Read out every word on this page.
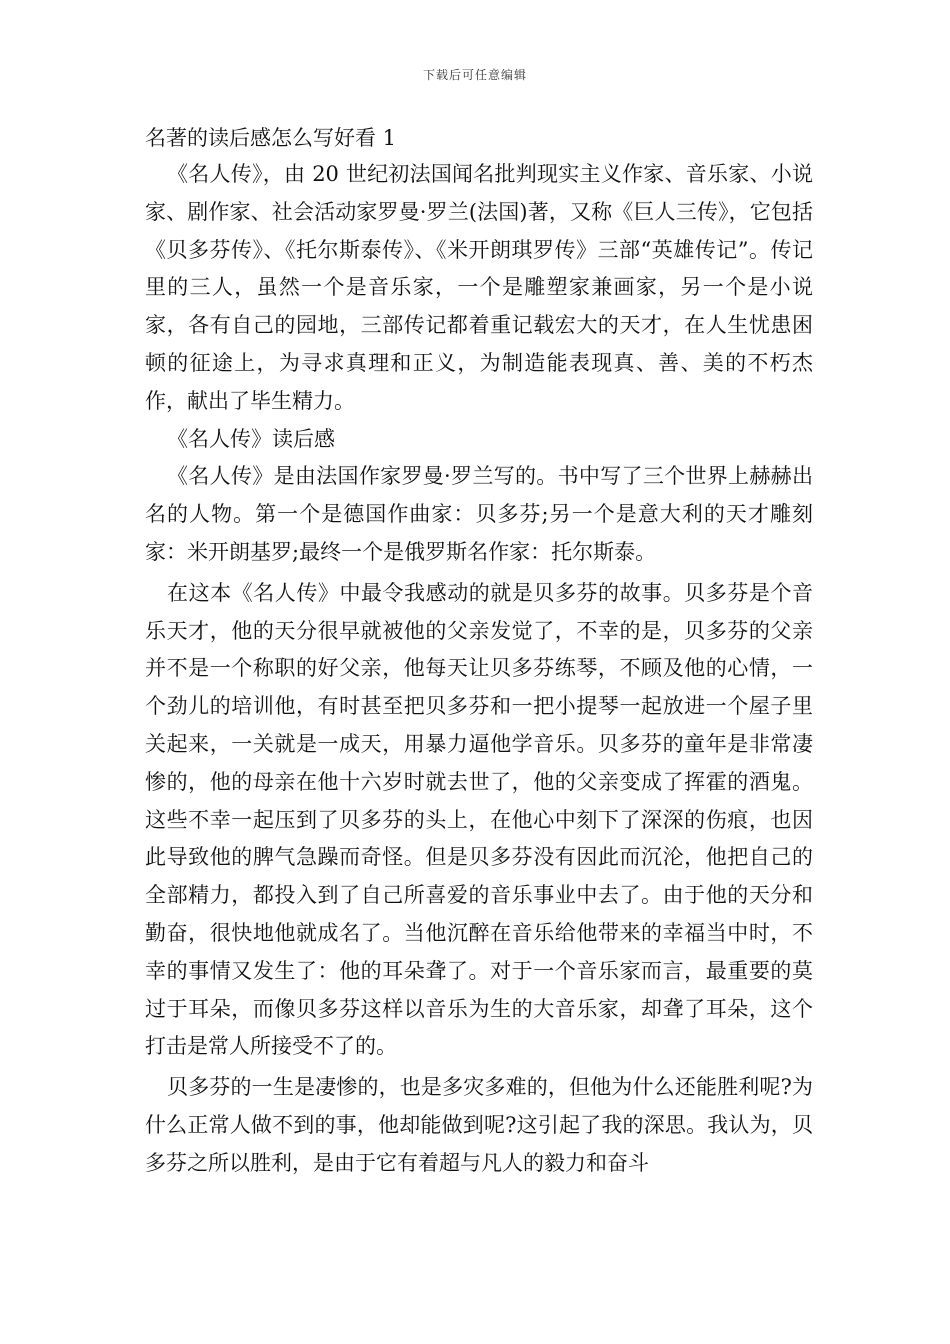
下载后可任意编辑

名著的读后感怎么写好看 1

《名人传》，由 20 世纪初法国闻名批判现实主义作家、音乐家、小说家、剧作家、社会活动家罗曼·罗兰(法国)著，又称《巨人三传》，它包括《贝多芬传》、《托尔斯泰传》、《米开朗琪罗传》三部“英雄传记”。传记里的三人，虽然一个是音乐家，一个是雕塑家兼画家，另一个是小说家，各有自己的园地，三部传记都着重记载宏大的天才，在人生忧患困顿的征途上，为寻求真理和正义，为制造能表现真、善、美的不朽杰作，献出了毕生精力。

《名人传》读后感

《名人传》是由法国作家罗曼·罗兰写的。书中写了三个世界上赫赫出名的人物。第一个是德国作曲家：贝多芬;另一个是意大利的天才雕刻家：米开朗基罗;最终一个是俄罗斯名作家：托尔斯泰。

在这本《名人传》中最令我感动的就是贝多芬的故事。贝多芬是个音乐天才，他的天分很早就被他的父亲发觉了，不幸的是，贝多芬的父亲并不是一个称职的好父亲，他每天让贝多芬练琴，不顾及他的心情，一个劲儿的培训他，有时甚至把贝多芬和一把小提琴一起放进一个屋子里关起来，一关就是一成天，用暴力逼他学音乐。贝多芬的童年是非常凄惨的，他的母亲在他十六岁时就去世了，他的父亲变成了挥霍的酒鬼。这些不幸一起压到了贝多芬的头上，在他心中刻下了深深的伤痕，也因此导致他的脾气急躁而奇怪。但是贝多芬没有因此而沉沦，他把自己的全部精力，都投入到了自己所喜爱的音乐事业中去了。由于他的天分和勤奋，很快地他就成名了。当他沉醉在音乐给他带来的幸福当中时，不幸的事情又发生了：他的耳朵聋了。对于一个音乐家而言，最重要的莫过于耳朵，而像贝多芬这样以音乐为生的大音乐家，却聋了耳朵，这个打击是常人所接受不了的。

贝多芬的一生是凄惨的，也是多灾多难的，但他为什么还能胜利呢?为什么正常人做不到的事，他却能做到呢?这引起了我的深思。我认为，贝多芬之所以胜利，是由于它有着超与凡人的毅力和奋斗
